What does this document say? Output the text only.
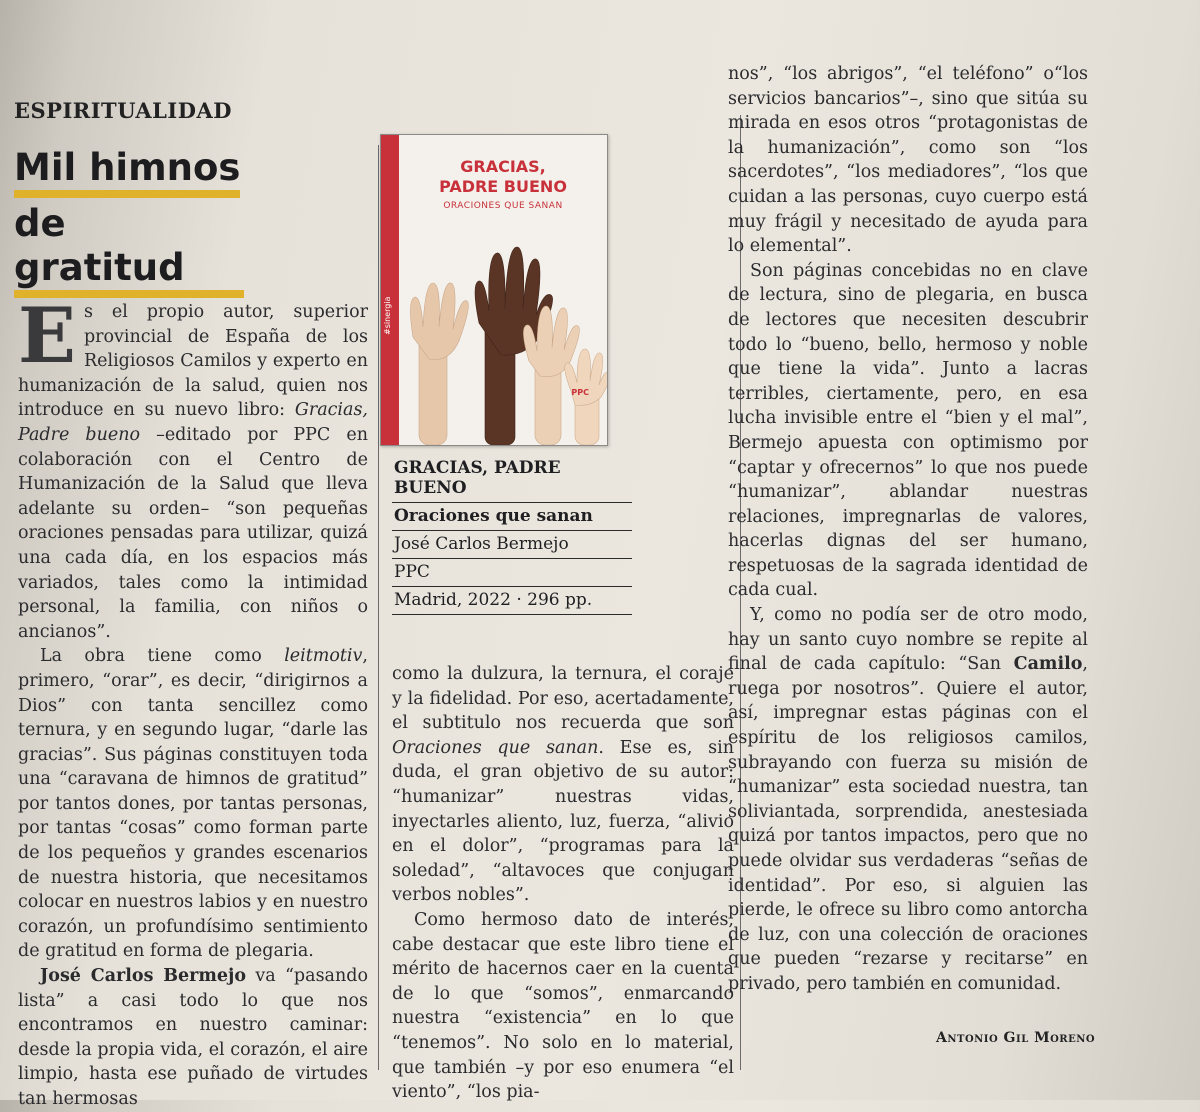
ESPIRITUALIDAD
Mil himnos
de gratitud

Es el propio autor, superior provincial de España de los Religiosos Camilos y experto en humanización de la salud, quien nos introduce en su nuevo libro: Gracias, Padre bueno –editado por PPC en colaboración con el Centro de Humanización de la Salud que lleva adelante su orden– “son pequeñas oraciones pensadas para utilizar, quizá una cada día, en los espacios más variados, tales como la intimidad personal, la familia, con niños o ancianos”.

La obra tiene como leitmotiv, primero, “orar”, es decir, “dirigirnos a Dios” con tanta sencillez como ternura, y en segundo lugar, “darle las gracias”. Sus páginas constituyen toda una “caravana de himnos de gratitud” por tantos dones, por tantas personas, por tantas “cosas” como forman parte de los pequeños y grandes escenarios de nuestra historia, que necesitamos colocar en nuestros labios y en nuestro corazón, un profundísimo sentimiento de gratitud en forma de plegaria.

José Carlos Bermejo va “pasando lista” a casi todo lo que nos encontramos en nuestro caminar: desde la propia vida, el corazón, el aire limpio, hasta ese puñado de virtudes tan hermosas

#sinergia
GRACIAS,
PADRE BUENO
ORACIONES QUE SANAN
PPC
GRACIAS, PADRE BUENO
Oraciones que sanan
José Carlos Bermejo
PPC
Madrid, 2022 · 296 pp.

como la dulzura, la ternura, el coraje y la fidelidad. Por eso, acertadamente, el subtitulo nos recuerda que son Oraciones que sanan. Ese es, sin duda, el gran objetivo de su autor: “humanizar” nuestras vidas, inyectarles aliento, luz, fuerza, “alivio en el dolor”, “programas para la soledad”, “altavoces que conjugan verbos nobles”.

Como hermoso dato de interés, cabe destacar que este libro tiene el mérito de hacernos caer en la cuenta de lo que “somos”, enmarcando nuestra “existencia” en lo que “tenemos”. No solo en lo material, que también –y por eso enumera “el viento”, “los pia-

nos”, “los abrigos”, “el teléfono” o“los servicios bancarios”–, sino que sitúa su mirada en esos otros “protagonistas de la humanización”, como son “los sacerdotes”, “los mediadores”, “los que cuidan a las personas, cuyo cuerpo está muy frágil y necesitado de ayuda para lo elemental”.

Son páginas concebidas no en clave de lectura, sino de plegaria, en busca de lectores que necesiten descubrir todo lo “bueno, bello, hermoso y noble que tiene la vida”. Junto a lacras terribles, ciertamente, pero, en esa lucha invisible entre el “bien y el mal”, Bermejo apuesta con optimismo por “captar y ofrecernos” lo que nos puede “humanizar”, ablandar nuestras relaciones, impregnarlas de valores, hacerlas dignas del ser humano, respetuosas de la sagrada identidad de cada cual.

Y, como no podía ser de otro modo, hay un santo cuyo nombre se repite al final de cada capítulo: “San Camilo, ruega por nosotros”. Quiere el autor, así, impregnar estas páginas con el espíritu de los religiosos camilos, subrayando con fuerza su misión de “humanizar” esta sociedad nuestra, tan soliviantada, sorprendida, anestesiada quizá por tantos impactos, pero que no puede olvidar sus verdaderas “señas de identidad”. Por eso, si alguien las pierde, le ofrece su libro como antorcha de luz, con una colección de oraciones que pueden “rezarse y recitarse” en privado, pero también en comunidad.

Antonio Gil Moreno
